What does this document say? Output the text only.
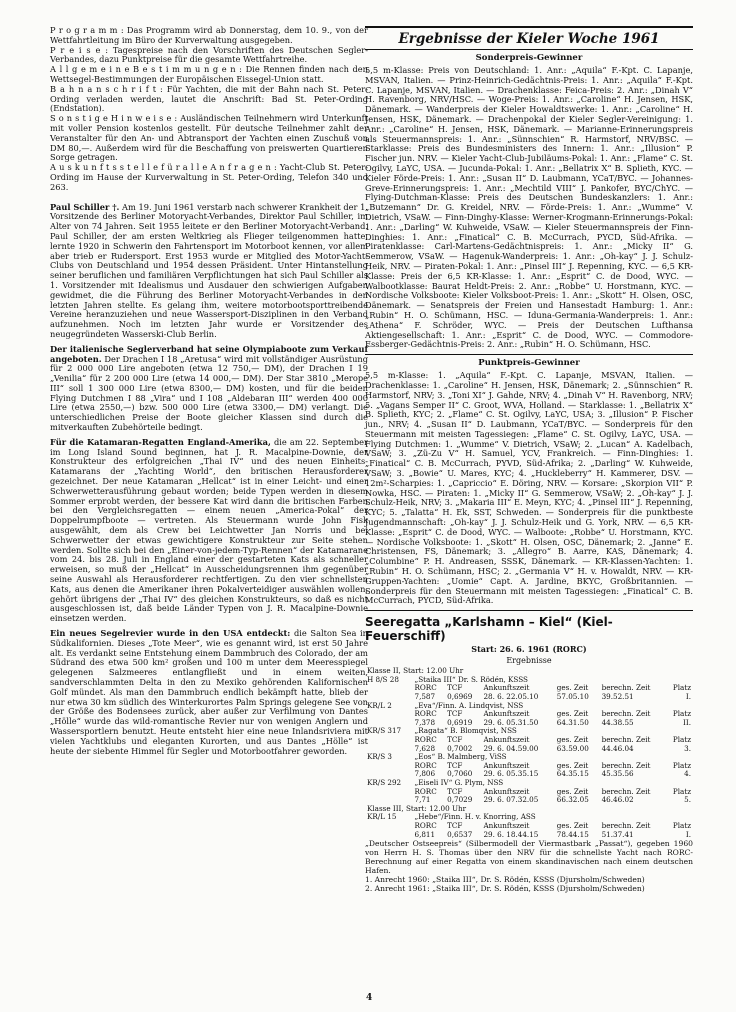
P r o g r a m m : Das Programm wird ab Donnerstag, dem 10. 9., von der Wettfahrtleitung im Büro der Kurverwaltung ausgegeben.

P r e i s e : Tagespreise nach den Vorschriften des Deutschen Segler-Verbandes, dazu Punktpreise für die gesamte Wettfahrtreihe.

A l l g e m e i n e B e s t i m m u n g e n : Die Rennen finden nach den Wettsegel-Bestimmungen der Europäischen Eissegel-Union statt.

B a h n a n s c h r i f t : Für Yachten, die mit der Bahn nach St. Peter-Ording verladen werden, lautet die Anschrift: Bad St. Peter-Ording (Endstation).

S o n s t i g e H i n w e i s e : Ausländischen Teilnehmern wird Unterkunft mit voller Pension kostenlos gestellt. Für deutsche Teilnehmer zahlt der Veranstalter für den An- und Abtransport der Yachten einen Zuschuß von DM 80,—. Außerdem wird für die Beschaffung von preiswerten Quartieren Sorge getragen.

A u s k u n f t s s t e l l e f ü r a l l e A n f r a g e n : Yacht-Club St. Peter-Ording im Hause der Kurverwaltung in St. Peter-Ording, Telefon 340 und 263.

Paul Schiller †. Am 19. Juni 1961 verstarb nach schwerer Krankheit der 1. Vorsitzende des Berliner Motoryacht-Verbandes, Direktor Paul Schiller, im Alter von 74 Jahren. Seit 1955 leitete er den Berliner Motoryacht-Verband. Paul Schiller, der am ersten Weltkrieg als Flieger teilgenommen hatte, lernte 1920 in Schwerin den Fahrtensport im Motorboot kennen, vor allem aber trieb er Rudersport. Erst 1953 wurde er Mitglied des Motor-Yacht-Clubs von Deutschland und 1954 dessen Präsident. Unter Hintanstellung seiner beruflichen und familiären Verpflichtungen hat sich Paul Schiller als 1. Vorsitzender mit Idealismus und Ausdauer den schwierigen Aufgaben gewidmet, die die Führung des Berliner Motoryacht-Verbandes in den letzten Jahren stellte. Es gelang ihm, weitere motorbootsporttreibende Vereine heranzuziehen und neue Wassersport-Disziplinen in den Verband aufzunehmen. Noch im letzten Jahr wurde er Vorsitzender des neugegründeten Wasserski-Club Berlin.

Der italienische Seglerverband hat seine Olympiaboote zum Verkauf angeboten. Der Drachen I 18 „Aretusa“ wird mit vollständiger Ausrüstung für 2 000 000 Lire angeboten (etwa 12 750,— DM), der Drachen I 19 „Venilia“ für 2 200 000 Lire (etwa 14 000,— DM). Der Star 3810 „Merope III“ soll 1 300 000 Lire (etwa 8300,— DM) kosten, und für die beiden Flying Dutchmen I 88 „Vira“ und I 108 „Aldebaran III“ werden 400 000 Lire (etwa 2550,—) bzw. 500 000 Lire (etwa 3300,— DM) verlangt. Die unterschiedlichen Preise der Boote gleicher Klassen sind durch die mitverkauften Zubehörteile bedingt.

Für die Katamaran-Regatten England-Amerika, die am 22. September im Long Island Sound beginnen, hat J. R. Macalpine-Downie, der Konstrukteur des erfolgreichen „Thai IV“ und des neuen Einheits-Katamarans der „Yachting World“, den britischen Herausforderer gezeichnet. Der neue Katamaran „Hellcat“ ist in einer Leicht- und einer Schwerwetterausführung gebaut worden; beide Typen werden in diesem Sommer erprobt werden, der bessere Kat wird dann die britischen Farben bei den Vergleichsregatten — einem neuen „America-Pokal“ der Doppelrumpfboote — vertreten. Als Steuermann wurde John Fisk ausgewählt, dem als Crew bei Leichtwetter Jan Norris und bei Schwerwetter der etwas gewichtigere Konstrukteur zur Seite stehen werden. Sollte sich bei den „Einer-von-jedem-Typ-Rennen“ der Katamarane vom 24. bis 28. Juli in England einer der gestarteten Kats als schneller erweisen, so muß der „Hellcat“ in Ausscheidungsrennen ihm gegenüber seine Auswahl als Herausforderer rechtfertigen. Zu den vier schnellsten Kats, aus denen die Amerikaner ihren Pokalverteidiger auswählen wollen, gehört übrigens der „Thai IV“ des gleichen Konstrukteurs, so daß es nicht ausgeschlossen ist, daß beide Länder Typen von J. R. Macalpine-Downie einsetzen werden.

Ein neues Segelrevier wurde in den USA entdeckt: die Salton Sea in Südkalifornien. Dieses „Tote Meer“, wie es genannt wird, ist erst 50 Jahre alt. Es verdankt seine Entstehung einem Dammbruch des Colorado, der am Südrand des etwa 500 km² großen und 100 m unter dem Meeresspiegel gelegenen Salzmeeres entlangfließt und in einem weiten, sandverschlammten Delta in den zu Mexiko gehörenden Kalifornischen Golf mündet. Als man den Dammbruch endlich bekämpft hatte, blieb der nur etwa 30 km südlich des Winterkurortes Palm Springs gelegene See von der Größe des Bodensees zurück, aber außer zur Verfilmung von Dantes „Hölle“ wurde das wild-romantische Revier nur von wenigen Anglern und Wassersportlern benutzt. Heute entsteht hier eine neue Inlandsriviera mit vielen Yachtklubs und eleganten Kurorten, und aus Dantes „Hölle“ ist heute der siebente Himmel für Segler und Motorbootfahrer geworden.

Ergebnisse der Kieler Woche 1961
Sonderpreis-Gewinner

5,5 m-Klasse: Preis von Deutschland: 1. Anr.: „Aquila“ F.-Kpt. C. Lapanje, MSVAN, Italien. — Prinz-Heinrich-Gedächtnis-Preis: 1. Anr.: „Aquila“ F.-Kpt. C. Lapanje, MSVAN, Italien. — Drachenklasse: Feica-Preis: 2. Anr.: „Dinah V“ H. Ravenborg, NRV/HSC. — Woge-Preis: 1. Anr.: „Caroline“ H. Jensen, HSK, Dänemark. — Wanderpreis der Kieler Howaldtswerke: 1. Anr.: „Caroline“ H. Jensen, HSK, Dänemark. — Drachenpokal der Kieler Segler-Vereinigung: 1. Anr.: „Caroline“ H. Jensen, HSK, Dänemark. — Marianne-Erinnerungspreis als Steuermannspreis: 1. Anr.: „Sünnschien“ R. Harmstorf, NRV/BSC. — Starklasse: Preis des Bundesministers des Innern: 1. Anr.: „Illusion“ P. Fischer jun. NRV. — Kieler Yacht-Club-Jubiläums-Pokal: 1. Anr.: „Flame“ C. St. Ogilvy, LaYC, USA. — Jucunda-Pokal: 1. Anr.: „Bellatrix X“ B. Splieth, KYC. — Kieler Förde-Preis: 1. Anr.: „Susan II“ D. Laubmann, YCaT/BYC. — Johannes-Greve-Erinnerungspreis: 1. Anr.: „Mechtild VIII“ J. Pankofer, BYC/ChYC. — Flying-Dutchman-Klasse: Preis des Deutschen Bundeskanzlers: 1. Anr.: „Butzemann“ Dr. G. Kreidel, NRV. — Förde-Preis: 1. Anr.: „Wumme“ V. Dietrich, VSaW. — Finn-Dinghy-Klasse: Werner-Krogmann-Erinnerungs-Pokal: 1. Anr.: „Darling“ W. Kuhweide, VSaW. — Kieler Steuermannspreis der Finn-Dinghies: 1. Anr.: „Finatical“ C. B. McCurrach, PYCD, Süd-Afrika. — Piratenklasse: Carl-Martens-Gedächtnispreis: 1. Anr.: „Micky II“ G. Semmerow, VSaW. — Hagenuk-Wanderpreis: 1. Anr.: „Oh-kay“ J. J. Schulz-Heik, NRV. — Piraten-Pokal: 1. Anr.: „Pinsel III“ J. Repenning, KYC. — 6,5 KR-Klasse: Preis der 6,5 KR-Klasse: 1. Anr.: „Esprit“ C. de Dood, WYC. — Walbootklasse: Baurat Heldt-Preis: 2. Anr.: „Robbe“ U. Horstmann, KYC. — Nordische Volksboote: Kieler Volksboot-Preis: 1. Anr.: „Skott“ H. Olsen, OSC, Dänemark. — Senatspreis der Freien und Hansestadt Hamburg: 1. Anr.: „Rubin“ H. O. Schümann, HSC. — Iduna-Germania-Wanderpreis: 1. Anr.: „Athena“ F. Schröder, WYC. — Preis der Deutschen Lufthansa Aktiengesellschaft: 1. Anr.: „Esprit“ C. de Dood, WYC. — Commodore-Essberger-Gedächtnis-Preis: 2. Anr.: „Rubin“ H. O. Schümann, HSC.

Punktpreis-Gewinner

5,5 m-Klasse: 1. „Aquila“ F.-Kpt. C. Lapanje, MSVAN, Italien. — Drachenklasse: 1. „Caroline“ H. Jensen, HSK, Dänemark; 2. „Sünnschien“ R. Harmstorf, NRV; 3. „Toni XI“ J. Gahde, NRV; 4. „Dinah V“ H. Ravenborg, NRV; 5. „Vagans Semper II“ C. Groot, WVA, Holland. — Starklasse: 1. „Bellatrix X“ B. Splieth, KYC; 2. „Flame“ C. St. Ogilvy, LaYC, USA; 3. „Illusion“ P. Fischer jun., NRV; 4. „Susan II“ D. Laubmann, YCaT/BYC. — Sonderpreis für den Steuermann mit meisten Tagessiegen: „Flame“ C. St. Ogilvy, LaYC, USA. — Flying Dutchmen: 1. „Wumme“ V. Dietrich, VSaW; 2. „Lucan“ A. Kadelbach, VSaW; 3. „Zü-Zu V“ H. Samuel, YCV, Frankreich. — Finn-Dinghies: 1. „Finatical“ C. B. McCurrach, PYVD, Süd-Afrika; 2. „Darling“ W. Kuhweide, VSaW; 3. „Bowie“ U. Mares, KYC; 4. „Huckleberry“ H. Kammerer, DSV. — 12m²-Scharpies: 1. „Capriccio“ E. Döring, NRV. — Korsare: „Skorpion VII“ P. Nowka, HSC. — Piraten: 1. „Micky II“ G. Semmerow, VSaW; 2. „Oh-kay“ J. J. Schulz-Heik, NRV; 3. „Makaria III“ E. Meyn, KYC; 4. „Pinsel III“ J. Repenning, KYC; 5. „Talatta“ H. Ek, SST, Schweden. — Sonderpreis für die punktbeste Jugendmannschaft: „Oh-kay“ J. J. Schulz-Heik und G. York, NRV. — 6,5 KR-Klasse: „Esprit“ C. de Dood, WYC. — Walboote: „Robbe“ U. Horstmann, KYC. — Nordische Volksboote: 1. „Skott“ H. Olsen, OSC, Dänemark; 2. „Janne“ E. Christensen, FS, Dänemark; 3. „Allegro“ B. Aarre, KAS, Dänemark; 4. „Columbine“ P. H. Andreasen, SSSK, Dänemark. — KR-Klassen-Yachten: 1. „Rubin“ H. O. Schümann, HSC; 2. „Germania V“ H. v. Howaldt, NRV. — KR-Gruppen-Yachten: „Uomie“ Capt. A. Jardine, BKYC, Großbritannien. — Sonderpreis für den Steuermann mit meisten Tagessiegen: „Finatical“ C. B. McCurrach, PYCD, Süd-Afrika.

Seeregatta „Karlshamn – Kiel“ (Kiel-Feuerschiff)
Start: 26. 6. 1961 (RORC)
Ergebnisse
Klasse II, Start: 12.00 Uhr						
H 8/S 28	„Staika III“ Dr. S. Rödén, KSSS					
	RORC	TCF	Ankunftszeit	ges. Zeit	berechn. Zeit	Platz
	7,587	0,6969	28. 6. 22.05.10	57.05.10	39.52.51	I.
KR/L 2	„Eva“/Finn. A. Lindqvist, NSS					
	RORC	TCF	Ankunftszeit	ges. Zeit	berechn. Zeit	Platz
	7,378	0,6919	29. 6. 05.31.50	64.31.50	44.38.55	II.
KR/S 317	„Ragata“ B. Blomqvist, NSS					
	RORC	TCF	Ankunftszeit	ges. Zeit	berechn. Zeit	Platz
	7,628	0,7002	29. 6. 04.59.00	63.59.00	44.46.04	3.
KR/S 3	„Eos“ B. Malmberg, ViSS					
	RORC	TCF	Ankunftszeit	ges. Zeit	berechn. Zeit	Platz
	7,806	0,7060	29. 6. 05.35.15	64.35.15	45.35.56	4.
KR/S 292	„Eiseli IV“ G. Plym, NSS					
	RORC	TCF	Ankunftszeit	ges. Zeit	berechn. Zeit	Platz
	7,71	0,7029	29. 6. 07.32.05	66.32.05	46.46.02	5.
Klasse III, Start: 12.00 Uhr						
KR/L 15	„Hebe“/Finn. H. v. Knorring, ASS					
	RORC	TCF	Ankunftszeit	ges. Zeit	berechn. Zeit	Platz
	6,811	0,6537	29. 6. 18.44.15	78.44.15	51.37.41	I.

„Deutscher Ostseepreis“ (Silbermodell der Viermastbark „Passat“), gegeben 1960 von Herrn H. S. Thomas über den NRV für die schnellste Yacht nach RORC-Berechnung auf einer Regatta von einem skandinavischen nach einem deutschen Hafen.

1. Anrecht 1960: „Staika III“, Dr. S. Rödén, KSSS (Djursholm/Schweden)

2. Anrecht 1961: „Staika III“, Dr. S. Rödén, KSSS (Djursholm/Schweden)

4
